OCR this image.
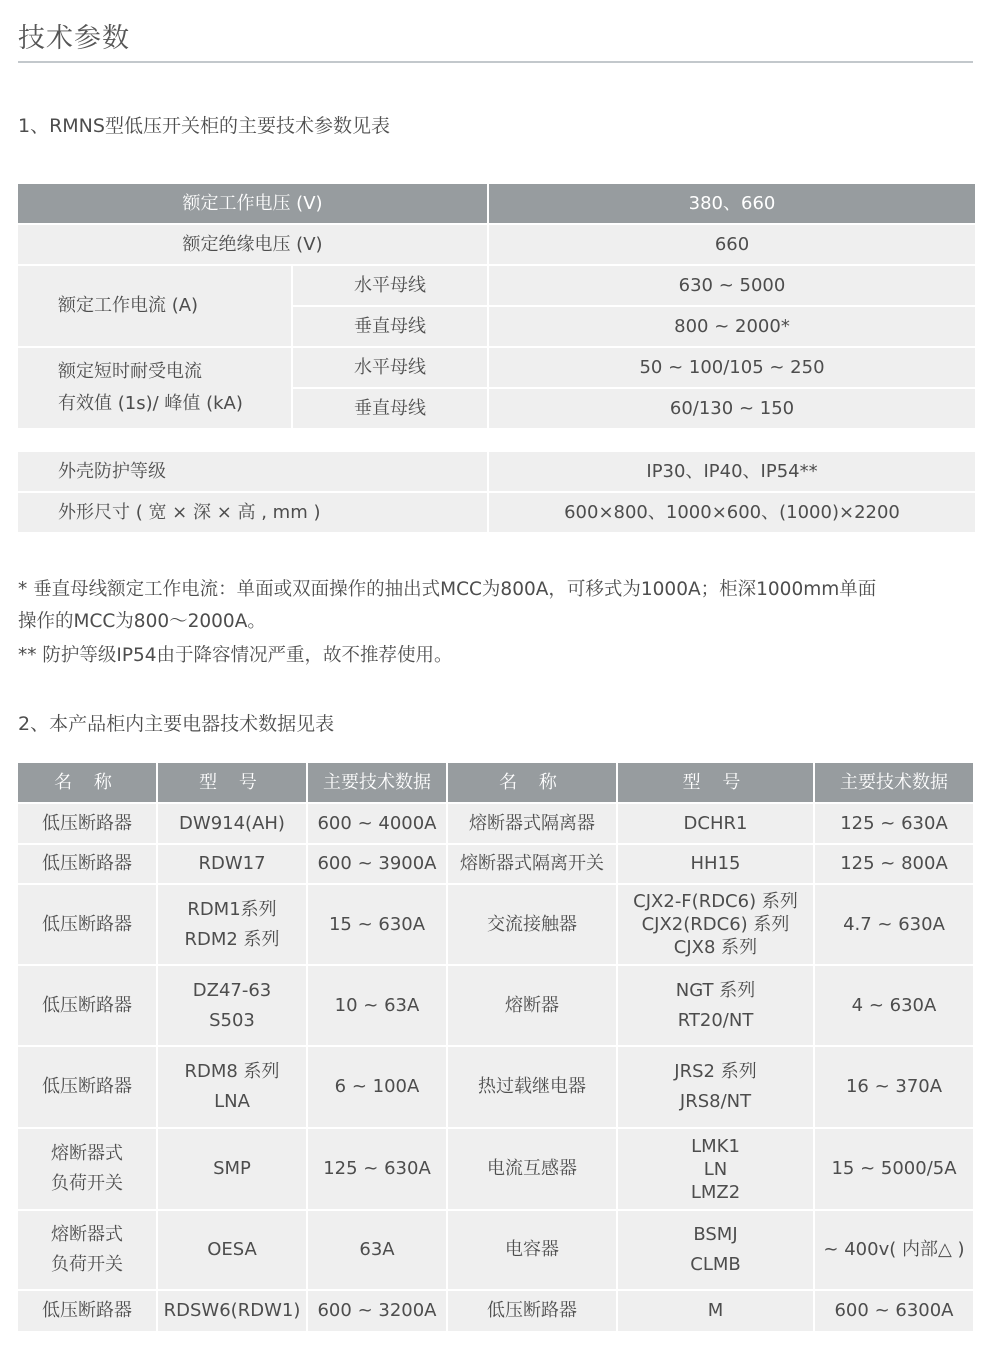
技术参数
1、RMNS型低压开关柜的主要技术参数见表
额定工作电压 (V)		380、660
额定绝缘电压 (V)		660
额定工作电流 (A)	水平母线	630 ~ 5000
	垂直母线	800 ~ 2000*

额定短时耐受电流
有效值 (1s)/ 峰值 (kA)	水平母线	50 ~ 100/105 ~ 250
	垂直母线	60/130 ~ 150
外壳防护等级	IP30、IP40、IP54**
外形尺寸 ( 宽 × 深 × 高 , mm )	600×800、1000×600、(1000)×2200

* 垂直母线额定工作电流：单面或双面操作的抽出式MCC为800A，可移式为1000A；柜深1000mm单面

操作的MCC为800～2000A。

** 防护等级IP54由于降容情况严重，故不推荐使用。

2、本产品柜内主要电器技术数据见表
名 称	型 号	主要技术数据	名 称	型 号	主要技术数据

低压断路器	DW914(AH)	600 ~ 4000A	熔断器式隔离器	DCHR1	125 ~ 630A

低压断路器	RDW17	600 ~ 3900A	熔断器式隔离开关	HH15	125 ~ 800A

低压断路器	RDM1系列
RDM2 系列	15 ~ 630A	交流接触器	CJX2-F(RDC6) 系列
CJX2(RDC6) 系列
CJX8 系列	4.7 ~ 630A

低压断路器	DZ47-63
S503	10 ~ 63A	熔断器	NGT 系列
RT20/NT	4 ~ 630A

低压断路器	RDM8 系列
LNA	6 ~ 100A	热过载继电器	JRS2 系列
JRS8/NT	16 ~ 370A

熔断器式
负荷开关	SMP	125 ~ 630A	电流互感器	LMK1
LN
LMZ2	15 ~ 5000/5A

熔断器式
负荷开关	OESA	63A	电容器	BSMJ
CLMB	~ 400v( 内部△ )

低压断路器	RDSW6(RDW1)	600 ~ 3200A	低压断路器	M	600 ~ 6300A
